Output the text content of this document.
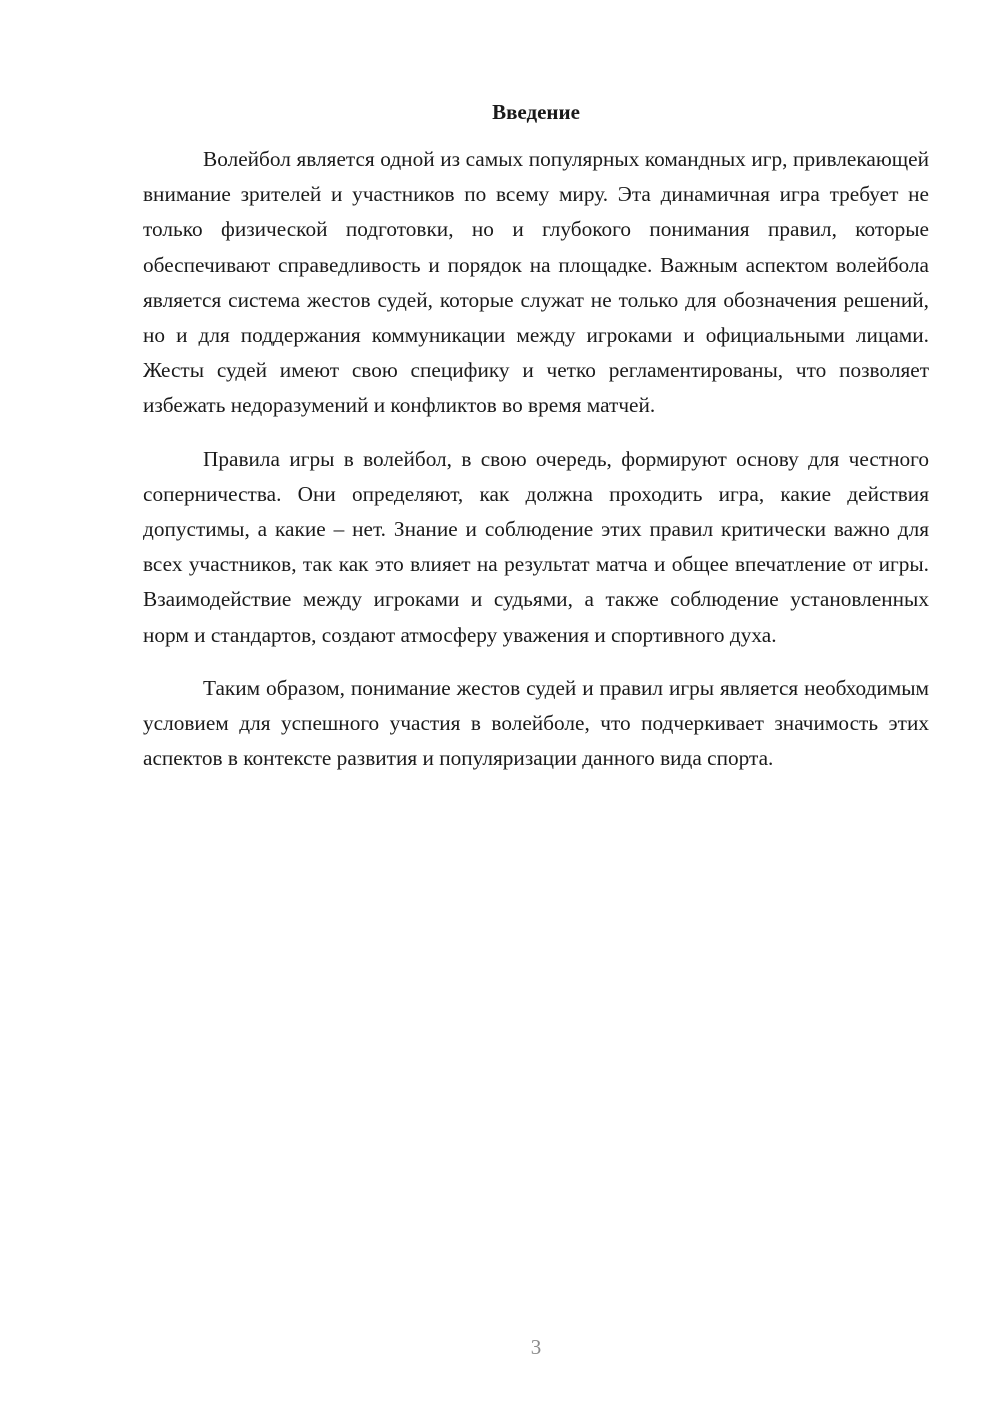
Введение

Волейбол является одной из самых популярных командных игр, привлекающей внимание зрителей и участников по всему миру. Эта динамичная игра требует не только физической подготовки, но и глубокого понимания правил, которые обеспечивают справедливость и порядок на площадке. Важным аспектом волейбола является система жестов судей, которые служат не только для обозначения решений, но и для поддержания коммуникации между игроками и официальными лицами. Жесты судей имеют свою специфику и четко регламентированы, что позволяет избежать недоразумений и конфликтов во время матчей.

Правила игры в волейбол, в свою очередь, формируют основу для честного соперничества. Они определяют, как должна проходить игра, какие действия допустимы, а какие – нет. Знание и соблюдение этих правил критически важно для всех участников, так как это влияет на результат матча и общее впечатление от игры. Взаимодействие между игроками и судьями, а также соблюдение установленных норм и стандартов, создают атмосферу уважения и спортивного духа.

Таким образом, понимание жестов судей и правил игры является необходимым условием для успешного участия в волейболе, что подчеркивает значимость этих аспектов в контексте развития и популяризации данного вида спорта.

3
